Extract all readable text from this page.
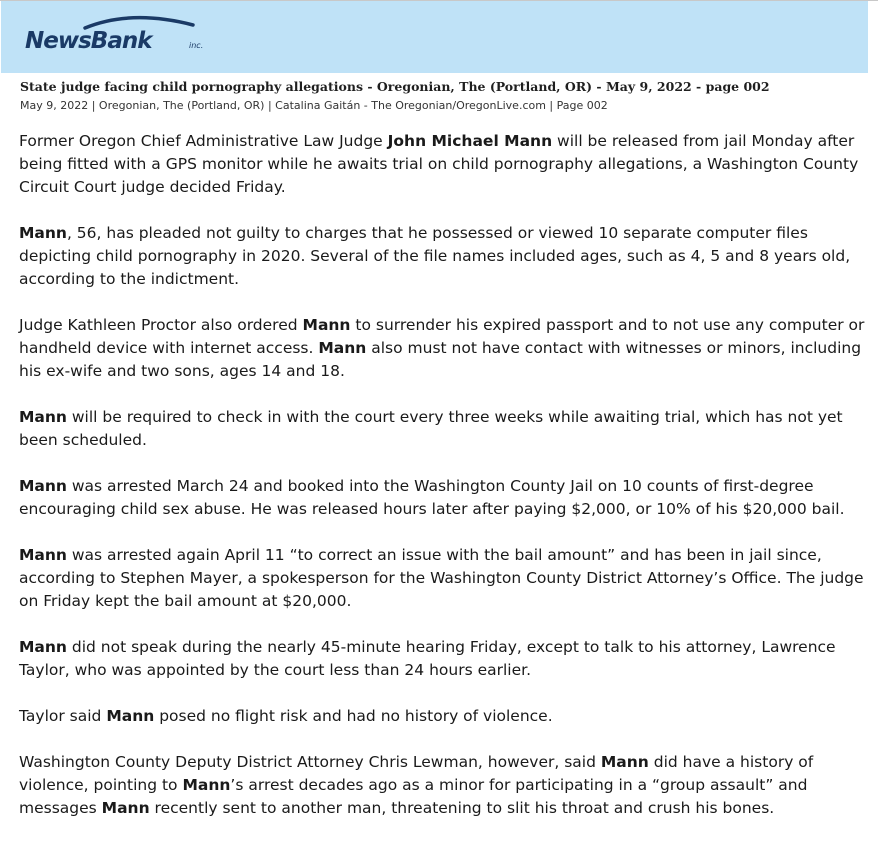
NewsBank	inc.
State judge facing child pornography allegations - Oregonian, The (Portland, OR) - May 9, 2022 - page 002
May 9, 2022 | Oregonian, The (Portland, OR) | Catalina Gaitán - The Oregonian/OregonLive.com | Page 002

Former Oregon Chief Administrative Law Judge John Michael Mann will be released from jail Monday after being fitted with a GPS monitor while he awaits trial on child pornography allegations, a Washington County Circuit Court judge decided Friday.

Mann, 56, has pleaded not guilty to charges that he possessed or viewed 10 separate computer files depicting child pornography in 2020. Several of the file names included ages, such as 4, 5 and 8 years old, according to the indictment.

Judge Kathleen Proctor also ordered Mann to surrender his expired passport and to not use any computer or handheld device with internet access. Mann also must not have contact with witnesses or minors, including his ex-wife and two sons, ages 14 and 18.

Mann will be required to check in with the court every three weeks while awaiting trial, which has not yet been scheduled.

Mann was arrested March 24 and booked into the Washington County Jail on 10 counts of first-degree encouraging child sex abuse. He was released hours later after paying $2,000, or 10% of his $20,000 bail.

Mann was arrested again April 11 “to correct an issue with the bail amount” and has been in jail since, according to Stephen Mayer, a spokesperson for the Washington County District Attorney’s Office. The judge on Friday kept the bail amount at $20,000.

Mann did not speak during the nearly 45-minute hearing Friday, except to talk to his attorney, Lawrence Taylor, who was appointed by the court less than 24 hours earlier.

Taylor said Mann posed no flight risk and had no history of violence.

Washington County Deputy District Attorney Chris Lewman, however, said Mann did have a history of violence, pointing to Mann’s arrest decades ago as a minor for participating in a “group assault” and messages Mann recently sent to another man, threatening to slit his throat and crush his bones.
